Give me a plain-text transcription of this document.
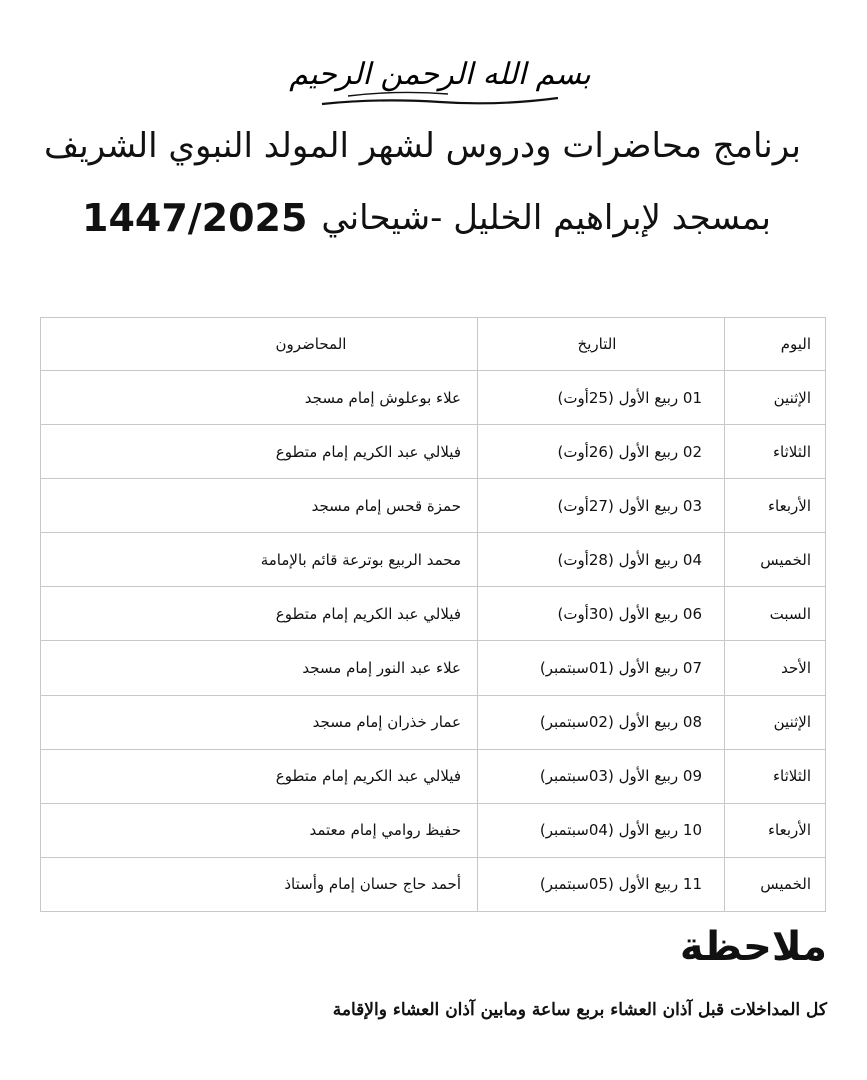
بسم الله الرحمن الرحيم
برنامج محاضرات ودروس لشهر المولد النبوي الشريف
بمسجد لإبراهيم الخليل -شيحاني
1447/2025
اليوم	التاريخ	المحاضرون
الإثنين	01 ربيع الأول (25أوت)	علاء بوعلوش إمام مسجد
الثلاثاء	02 ربيع الأول (26أوت)	فيلالي عبد الكريم إمام متطوع
الأربعاء	03 ربيع الأول (27أوت)	حمزة قحس إمام مسجد
الخميس	04 ربيع الأول (28أوت)	محمد الربيع بوترعة قائم بالإمامة
السبت	06 ربيع الأول (30أوت)	فيلالي عبد الكريم إمام متطوع
الأحد	07 ربيع الأول (01سبتمبر)	علاء عبد النور إمام مسجد
الإثنين	08 ربيع الأول (02سبتمبر)	عمار خذران إمام مسجد
الثلاثاء	09 ربيع الأول (03سبتمبر)	فيلالي عبد الكريم إمام متطوع
الأربعاء	10 ربيع الأول (04سبتمبر)	حفيظ روامي إمام معتمد
الخميس	11 ربيع الأول (05سبتمبر)	أحمد حاج حسان إمام وأستاذ
ملاحظة
كل المداخلات قبل آذان العشاء بربع ساعة ومابين آذان العشاء والإقامة
